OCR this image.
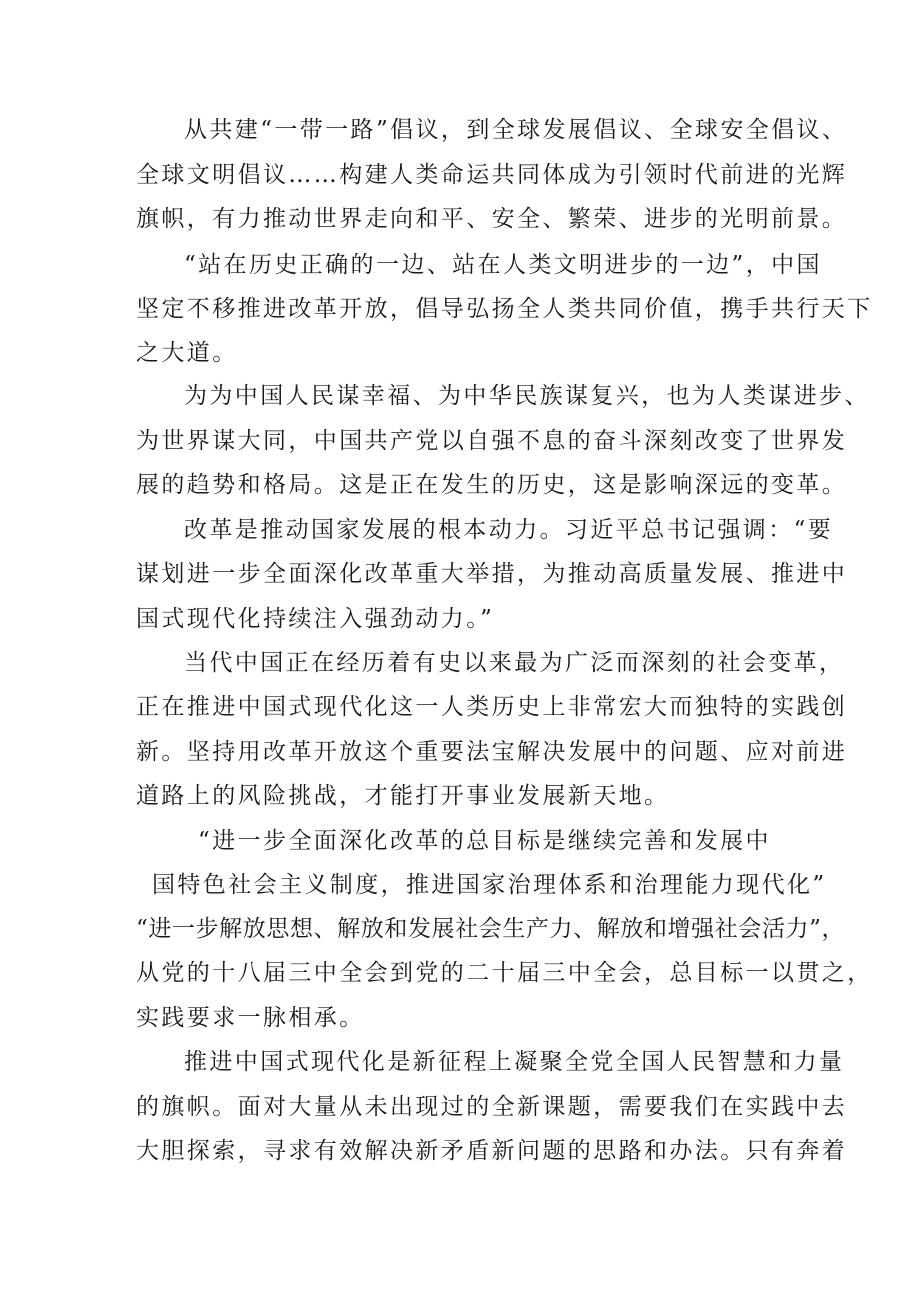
从共建“一带一路”倡议，到全球发展倡议、全球安全倡议、
全球文明倡议……构建人类命运共同体成为引领时代前进的光辉
旗帜，有力推动世界走向和平、安全、繁荣、进步的光明前景。
“站在历史正确的一边、站在人类文明进步的一边”，中国
坚定不移推进改革开放，倡导弘扬全人类共同价值，携手共行天下
之大道。
为为中国人民谋幸福、为中华民族谋复兴，也为人类谋进步、
为世界谋大同，中国共产党以自强不息的奋斗深刻改变了世界发
展的趋势和格局。这是正在发生的历史，这是影响深远的变革。
改革是推动国家发展的根本动力。习近平总书记强调：“要
谋划进一步全面深化改革重大举措，为推动高质量发展、推进中
国式现代化持续注入强劲动力。”
当代中国正在经历着有史以来最为广泛而深刻的社会变革，
正在推进中国式现代化这一人类历史上非常宏大而独特的实践创
新。坚持用改革开放这个重要法宝解决发展中的问题、应对前进
道路上的风险挑战，才能打开事业发展新天地。
“进一步全面深化改革的总目标是继续完善和发展中
国特色社会主义制度，推进国家治理体系和治理能力现代化”
“进一步解放思想、解放和发展社会生产力、解放和增强社会活力”，
从党的十八届三中全会到党的二十届三中全会，总目标一以贯之，
实践要求一脉相承。
推进中国式现代化是新征程上凝聚全党全国人民智慧和力量
的旗帜。面对大量从未出现过的全新课题，需要我们在实践中去
大胆探索，寻求有效解决新矛盾新问题的思路和办法。只有奔着
